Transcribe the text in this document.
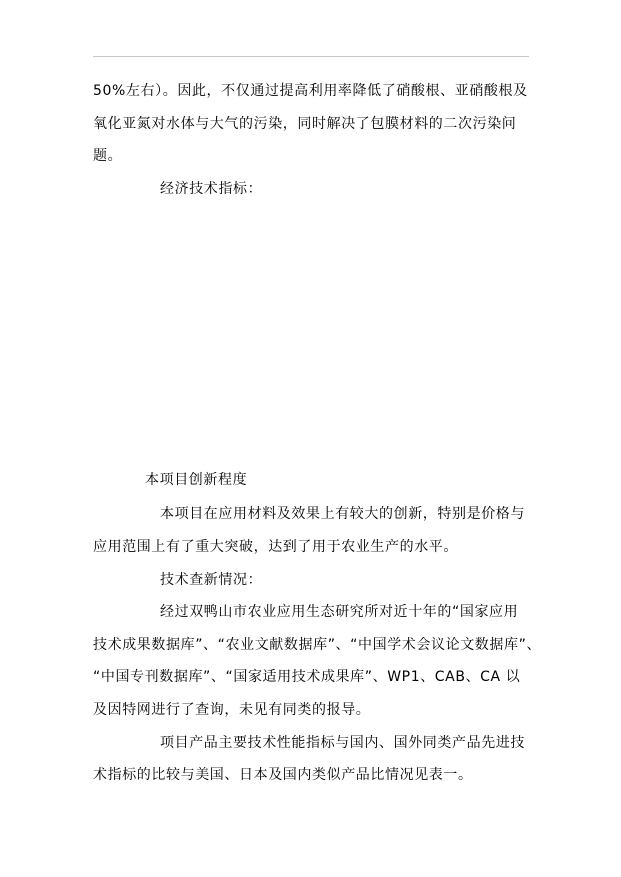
50%左右）。因此，不仅通过提高利用率降低了硝酸根、亚硝酸根及
氧化亚氮对水体与大气的污染，同时解决了包膜材料的二次污染问
题。
经济技术指标：
本项目创新程度
本项目在应用材料及效果上有较大的创新，特别是价格与
应用范围上有了重大突破，达到了用于农业生产的水平。
技术查新情况：
经过双鸭山市农业应用生态研究所对近十年的“国家应用
技术成果数据库”、“农业文献数据库”、“中国学术会议论文数据库”、
“中国专刊数据库”、“国家适用技术成果库”、WP1、CAB、CA 以
及因特网进行了查询，未见有同类的报导。
项目产品主要技术性能指标与国内、国外同类产品先进技
术指标的比较与美国、日本及国内类似产品比情况见表一。
